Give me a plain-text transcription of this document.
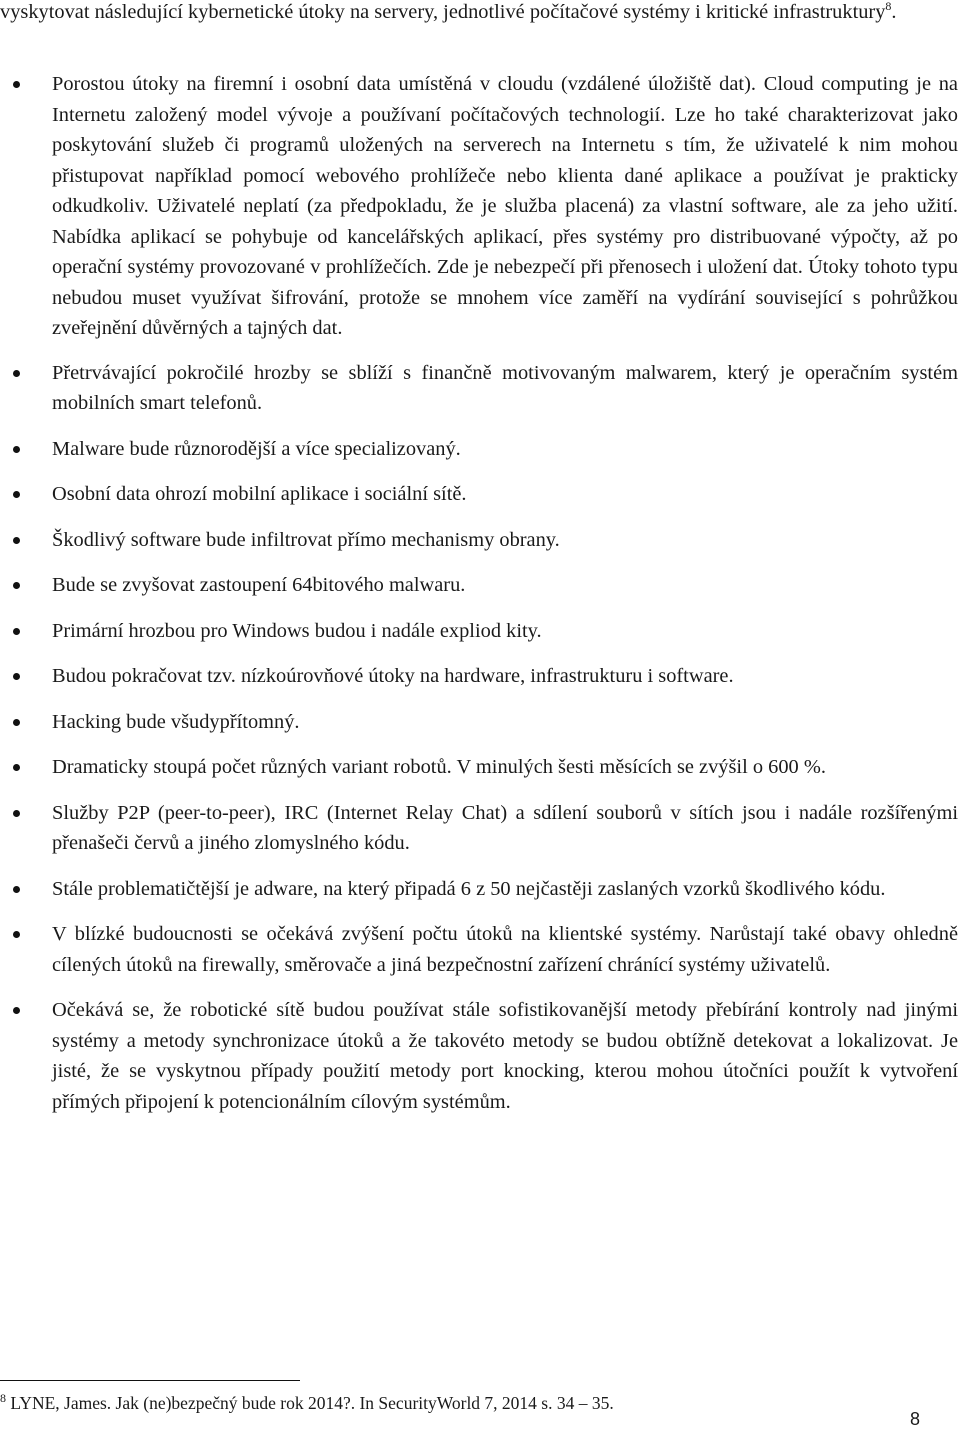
vyskytovat následující kybernetické útoky na servery, jednotlivé počítačové systémy i kritické infrastruktury$^8$.

Porostou útoky na firemní i osobní data umístěná v cloudu (vzdálené úložiště dat). Cloud computing je na Internetu založený model vývoje a používaní počítačových technologií. Lze ho také charakterizovat jako poskytování služeb či programů uložených na serverech na Internetu s tím, že uživatelé k nim mohou přistupovat například pomocí webového prohlížeče nebo klienta dané aplikace a používat je prakticky odkudkoliv. Uživatelé neplatí (za předpokladu, že je služba placená) za vlastní software, ale za jeho užití. Nabídka aplikací se pohybuje od kancelářských aplikací, přes systémy pro distribuované výpočty, až po operační systémy provozované v prohlížečích. Zde je nebezpečí při přenosech i uložení dat. Útoky tohoto typu nebudou muset využívat šifrování, protože se mnohem více zaměří na vydírání související s pohrůžkou zveřejnění důvěrných a tajných dat.
Přetrvávající pokročilé hrozby se sblíží s finančně motivovaným malwarem, který je operačním systém mobilních smart telefonů.
Malware bude různorodější a více specializovaný.
Osobní data ohrozí mobilní aplikace i sociální sítě.
Škodlivý software bude infiltrovat přímo mechanismy obrany.
Bude se zvyšovat zastoupení 64bitového malwaru.
Primární hrozbou pro Windows budou i nadále expliod kity.
Budou pokračovat tzv. nízkoúrovňové útoky na hardware, infrastrukturu i software.
Hacking bude všudypřítomný.
Dramaticky stoupá počet různých variant robotů. V minulých šesti měsících se zvýšil o 600 %.
Služby P2P (peer-to-peer), IRC (Internet Relay Chat) a sdílení souborů v sítích jsou i nadále rozšířenými přenašeči červů a jiného zlomyslného kódu.
Stále problematičtější je adware, na který připadá 6 z 50 nejčastěji zaslaných vzorků škodlivého kódu.
V blízké budoucnosti se očekává zvýšení počtu útoků na klientské systémy. Narůstají také obavy ohledně cílených útoků na firewally, směrovače a jiná bezpečnostní zařízení chránící systémy uživatelů.
Očekává se, že robotické sítě budou používat stále sofistikovanější metody přebírání kontroly nad jinými systémy a metody synchronizace útoků a že takovéto metody se budou obtížně detekovat a lokalizovat. Je jisté, že se vyskytnou případy použití metody port knocking, kterou mohou útočníci použít k vytvoření přímých připojení k potencionálním cílovým systémům.
$^8$ LYNE, James. Jak (ne)bezpečný bude rok 2014?. In SecurityWorld 7, 2014 s. 34 – 35.
8
